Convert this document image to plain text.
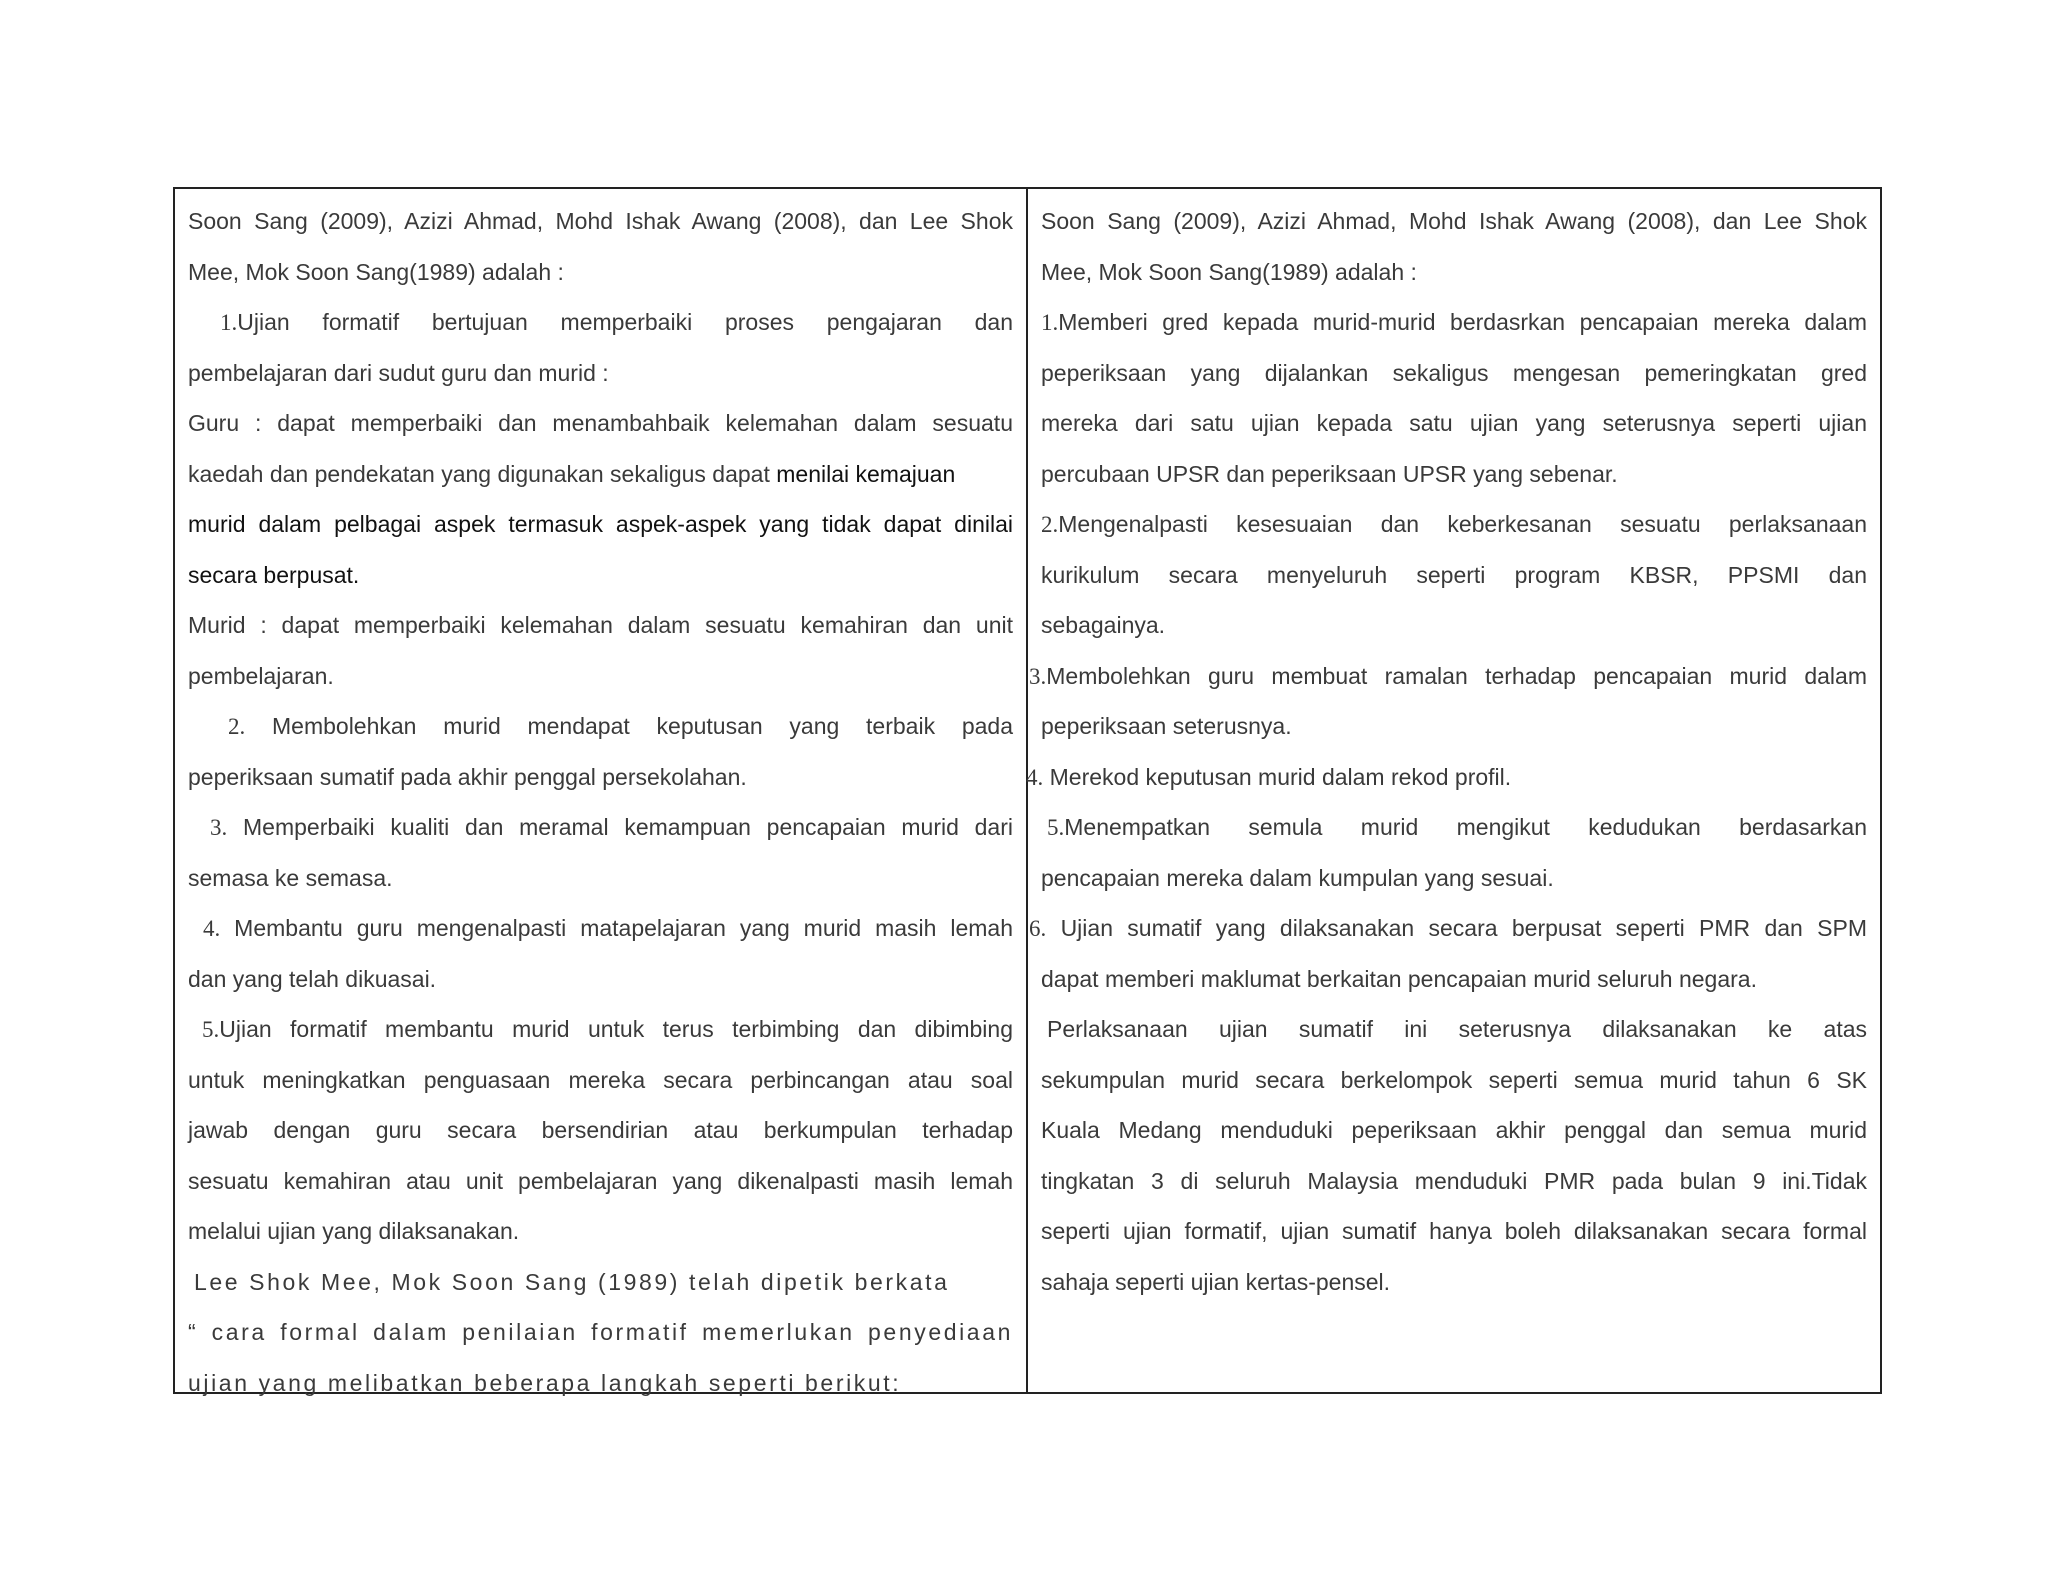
Soon Sang (2009), Azizi Ahmad, Mohd Ishak Awang (2008), dan Lee Shok
Mee, Mok Soon Sang(1989) adalah :
1.Ujian formatif bertujuan memperbaiki proses pengajaran dan
pembelajaran dari sudut guru dan murid :
Guru : dapat memperbaiki dan menambahbaik kelemahan dalam sesuatu
kaedah dan pendekatan yang digunakan sekaligus dapat menilai kemajuan
murid dalam pelbagai aspek termasuk aspek-aspek yang tidak dapat dinilai
secara berpusat.
Murid : dapat memperbaiki kelemahan dalam sesuatu kemahiran dan unit
pembelajaran.
2. Membolehkan murid mendapat keputusan yang terbaik pada
peperiksaan sumatif pada akhir penggal persekolahan.
3. Memperbaiki kualiti dan meramal kemampuan pencapaian murid dari
semasa ke semasa.
4. Membantu guru mengenalpasti matapelajaran yang murid masih lemah
dan yang telah dikuasai.
5.Ujian formatif membantu murid untuk terus terbimbing dan dibimbing
untuk meningkatkan penguasaan mereka secara perbincangan atau soal
jawab dengan guru secara bersendirian atau berkumpulan terhadap
sesuatu kemahiran atau unit pembelajaran yang dikenalpasti masih lemah
melalui ujian yang dilaksanakan.
Lee Shok Mee, Mok Soon Sang (1989) telah dipetik berkata
“ cara formal dalam penilaian formatif memerlukan penyediaan
ujian yang melibatkan beberapa langkah seperti berikut:
Soon Sang (2009), Azizi Ahmad, Mohd Ishak Awang (2008), dan Lee Shok
Mee, Mok Soon Sang(1989) adalah :
1.Memberi gred kepada murid-murid berdasrkan pencapaian mereka dalam
peperiksaan yang dijalankan sekaligus mengesan pemeringkatan gred
mereka dari satu ujian kepada satu ujian yang seterusnya seperti ujian
percubaan UPSR dan peperiksaan UPSR yang sebenar.
2.Mengenalpasti kesesuaian dan keberkesanan sesuatu perlaksanaan
kurikulum secara menyeluruh seperti program KBSR, PPSMI dan
sebagainya.
3.Membolehkan guru membuat ramalan terhadap pencapaian murid dalam
peperiksaan seterusnya.
4. Merekod keputusan murid dalam rekod profil.
5.Menempatkan semula murid mengikut kedudukan berdasarkan
pencapaian mereka dalam kumpulan yang sesuai.
6. Ujian sumatif yang dilaksanakan secara berpusat seperti PMR dan SPM
dapat memberi maklumat berkaitan pencapaian murid seluruh negara.
Perlaksanaan ujian sumatif ini seterusnya dilaksanakan ke atas
sekumpulan murid secara berkelompok seperti semua murid tahun 6 SK
Kuala Medang menduduki peperiksaan akhir penggal dan semua murid
tingkatan 3 di seluruh Malaysia menduduki PMR pada bulan 9 ini.Tidak
seperti ujian formatif, ujian sumatif hanya boleh dilaksanakan secara formal
sahaja seperti ujian kertas-pensel.
